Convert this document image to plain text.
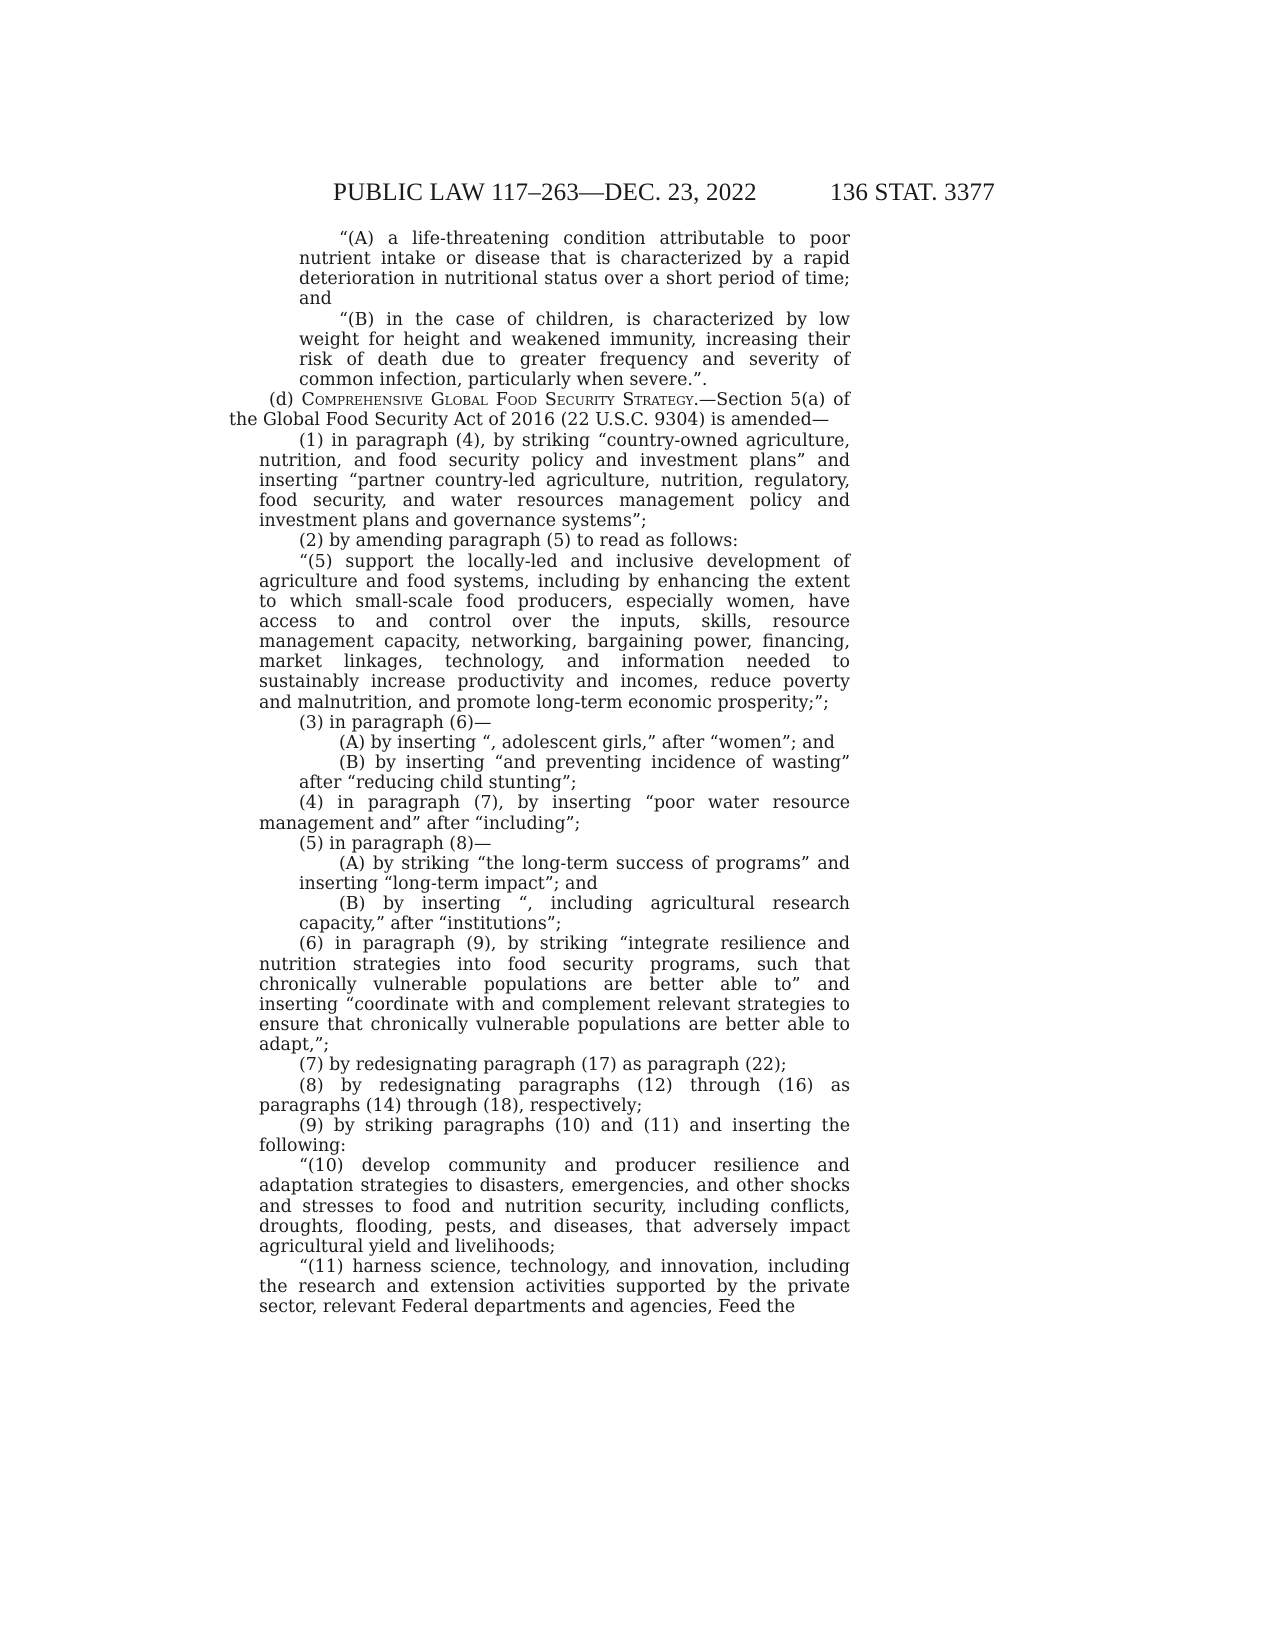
PUBLIC LAW 117–263—DEC. 23, 2022	136 STAT. 3377

“(A) a life-threatening condition attributable to poor nutrient intake or disease that is characterized by a rapid deterioration in nutritional status over a short period of time; and

“(B) in the case of children, is characterized by low weight for height and weakened immunity, increasing their risk of death due to greater frequency and severity of common infection, particularly when severe.”.

(d) Comprehensive Global Food Security Strategy.—Section 5(a) of the Global Food Security Act of 2016 (22 U.S.C. 9304) is amended—

(1) in paragraph (4), by striking “country-owned agriculture, nutrition, and food security policy and investment plans” and inserting “partner country-led agriculture, nutrition, regulatory, food security, and water resources management policy and investment plans and governance systems”;

(2) by amending paragraph (5) to read as follows:

“(5) support the locally-led and inclusive development of agriculture and food systems, including by enhancing the extent to which small-scale food producers, especially women, have access to and control over the inputs, skills, resource management capacity, networking, bargaining power, financing, market linkages, technology, and information needed to sustainably increase productivity and incomes, reduce poverty and malnutrition, and promote long-term economic prosperity;”;

(3) in paragraph (6)—

(A) by inserting “, adolescent girls,” after “women”; and

(B) by inserting “and preventing incidence of wasting” after “reducing child stunting”;

(4) in paragraph (7), by inserting “poor water resource management and” after “including”;

(5) in paragraph (8)—

(A) by striking “the long-term success of programs” and inserting “long-term impact”; and

(B) by inserting “, including agricultural research capacity,” after “institutions”;

(6) in paragraph (9), by striking “integrate resilience and nutrition strategies into food security programs, such that chronically vulnerable populations are better able to” and inserting “coordinate with and complement relevant strategies to ensure that chronically vulnerable populations are better able to adapt,”;

(7) by redesignating paragraph (17) as paragraph (22);

(8) by redesignating paragraphs (12) through (16) as paragraphs (14) through (18), respectively;

(9) by striking paragraphs (10) and (11) and inserting the following:

“(10) develop community and producer resilience and adaptation strategies to disasters, emergencies, and other shocks and stresses to food and nutrition security, including conflicts, droughts, flooding, pests, and diseases, that adversely impact agricultural yield and livelihoods;

“(11) harness science, technology, and innovation, including the research and extension activities supported by the private sector, relevant Federal departments and agencies, Feed the
